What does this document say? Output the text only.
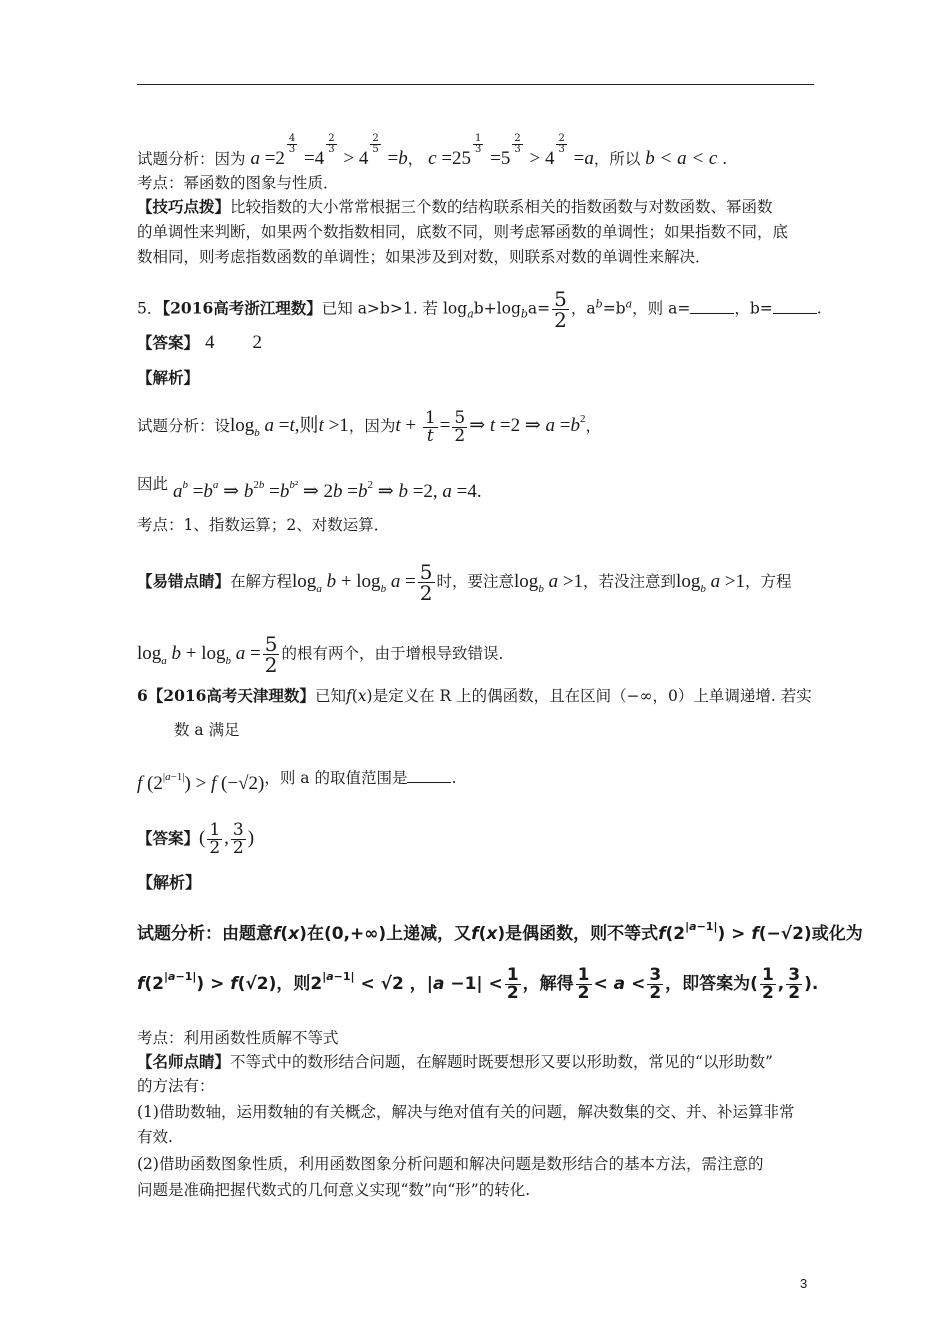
试题分析：因为 a =2
$\frac{4}{3}$
=4
$\frac{2}{3}$
> 4
$\frac{2}{5}$
=b， c =25
$\frac{1}{3}$
=5
$\frac{2}{3}$
> 4
$\frac{2}{3}$
=a，所以 b < a < c .
考点：幂函数的图象与性质．
【技巧点拨】比较指数的大小常常根据三个数的结构联系相关的指数函数与对数函数、幂函数
的单调性来判断，如果两个数指数相同，底数不同，则考虑幂函数的单调性；如果指数不同，底
数相同，则考虑指数函数的单调性；如果涉及到对数，则联系对数的单调性来解决．
5．【2016高考浙江理数】已知 a>b>1. 若 $\log_ab+\log_ba= \frac{5}{2}$ ，$a^b=b^a$，则 a=	，b=	.
【答案】 4 2
【解析】
试题分析：设$\log_b a =t$,则t >1，因为$t + \frac{1}{t} = \frac{5}{2}$ ⇒ t =2 ⇒ $a =b^2$，
因此 $a^b =b^a$ ⇒ $b^{2b} =b^{b^2}$ ⇒ $2b =b^2$ ⇒ b =2, a =4.
考点：1、指数运算；2、对数运算．
【易错点睛】在解方程$\log_a b + \log_b a = \frac{5}{2}$ 时，要注意$\log_b a >1$，若没注意到$\log_b a >1$，方程
$\log_a b + \log_b a = \frac{5}{2}$ 的根有两个，由于增根导致错误．
6【2016高考天津理数】已知f(x)是定义在 R 上的偶函数，且在区间（−∞，0）上单调递增. 若实
数 a 满足
f $(2^{|a-1|}) > f$ (−√2)，则 a 的取值范围是	.
【答案】( $\frac{1}{2}$ , $\frac{3}{2}$ )
【解析】
试题分析：由题意f(x)在(0,+∞)上递减，又f(x)是偶函数，则不等式$f(2^{|a-1|}) > f(-√2)$或化为
$f(2^{|a-1|}) > f(√2)$，则$2^{|a-1|} < √2$ ，$|a -1| < \frac{1}{2}$ ，解得 $\frac{1}{2} < a < \frac{3}{2}$ ，即答案为( $\frac{1}{2}$ , $\frac{3}{2}$ ).
考点：利用函数性质解不等式
【名师点睛】不等式中的数形结合问题，在解题时既要想形又要以形助数，常见的“以形助数”
的方法有：
(1)借助数轴，运用数轴的有关概念，解决与绝对值有关的问题，解决数集的交、并、补运算非常
有效.
(2)借助函数图象性质，利用函数图象分析问题和解决问题是数形结合的基本方法，需注意的
问题是准确把握代数式的几何意义实现“数”向“形”的转化.
3
